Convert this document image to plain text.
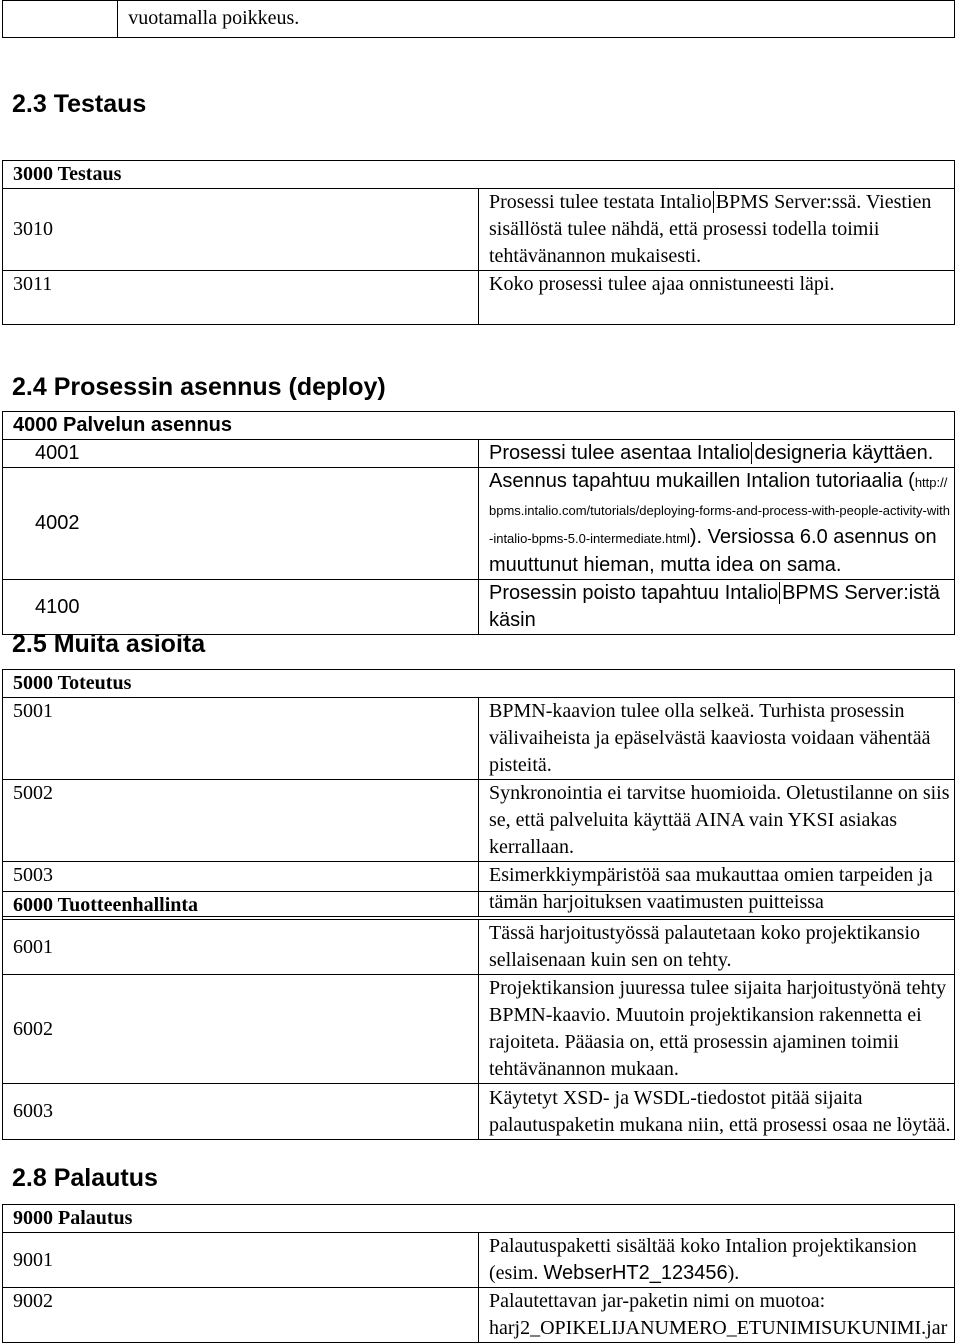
	vuotamalla poikkeus.
2.3 Testaus
3000 Testaus	
3010	Prosessi tulee testata Intalio BPMS Server:ssä. Viestien sisällöstä tulee nähdä, että prosessi todella toimii tehtävänannon mukaisesti.
3011	Koko prosessi tulee ajaa onnistuneesti läpi.
2.4 Prosessin asennus (deploy)
4000 Palvelun asennus	
4001	Prosessi tulee asentaa Intalio designeria käyttäen.
4002	Asennus tapahtuu mukaillen Intalion tutoriaalia (http://bpms.intalio.com/tutorials/deploying-forms-and-process-with-people-activity-with-intalio-bpms-5.0-intermediate.html). Versiossa 6.0 asennus on muuttunut hieman, mutta idea on sama.
4100	Prosessin poisto tapahtuu Intalio BPMS Server:istä käsin
2.5 Muita asioita
5000 Toteutus	
5001	BPMN-kaavion tulee olla selkeä. Turhista prosessin välivaiheista ja epäselvästä kaaviosta voidaan vähentää pisteitä.
5002	Synkronointia ei tarvitse huomioida. Oletustilanne on siis se, että palveluita käyttää AINA vain YKSI asiakas kerrallaan.
5003	Esimerkkiympäristöä saa mukauttaa omien tarpeiden ja tämän harjoituksen vaatimusten puitteissa
6000 Tuotteenhallinta	
6001	Tässä harjoitustyössä palautetaan koko projektikansio sellaisenaan kuin sen on tehty.
6002	Projektikansion juuressa tulee sijaita harjoitustyönä tehty BPMN-kaavio. Muutoin projektikansion rakennetta ei rajoiteta. Pääasia on, että prosessin ajaminen toimii tehtävänannon mukaan.
6003	Käytetyt XSD- ja WSDL-tiedostot pitää sijaita palautuspaketin mukana niin, että prosessi osaa ne löytää.
2.8 Palautus
9000 Palautus	
9001	Palautuspaketti sisältää koko Intalion projektikansion (esim. WebserHT2_123456).
9002	Palautettavan jar-paketin nimi on muotoa:
harj2_OPIKELIJANUMERO_ETUNIMISUKUNIMI.jar
